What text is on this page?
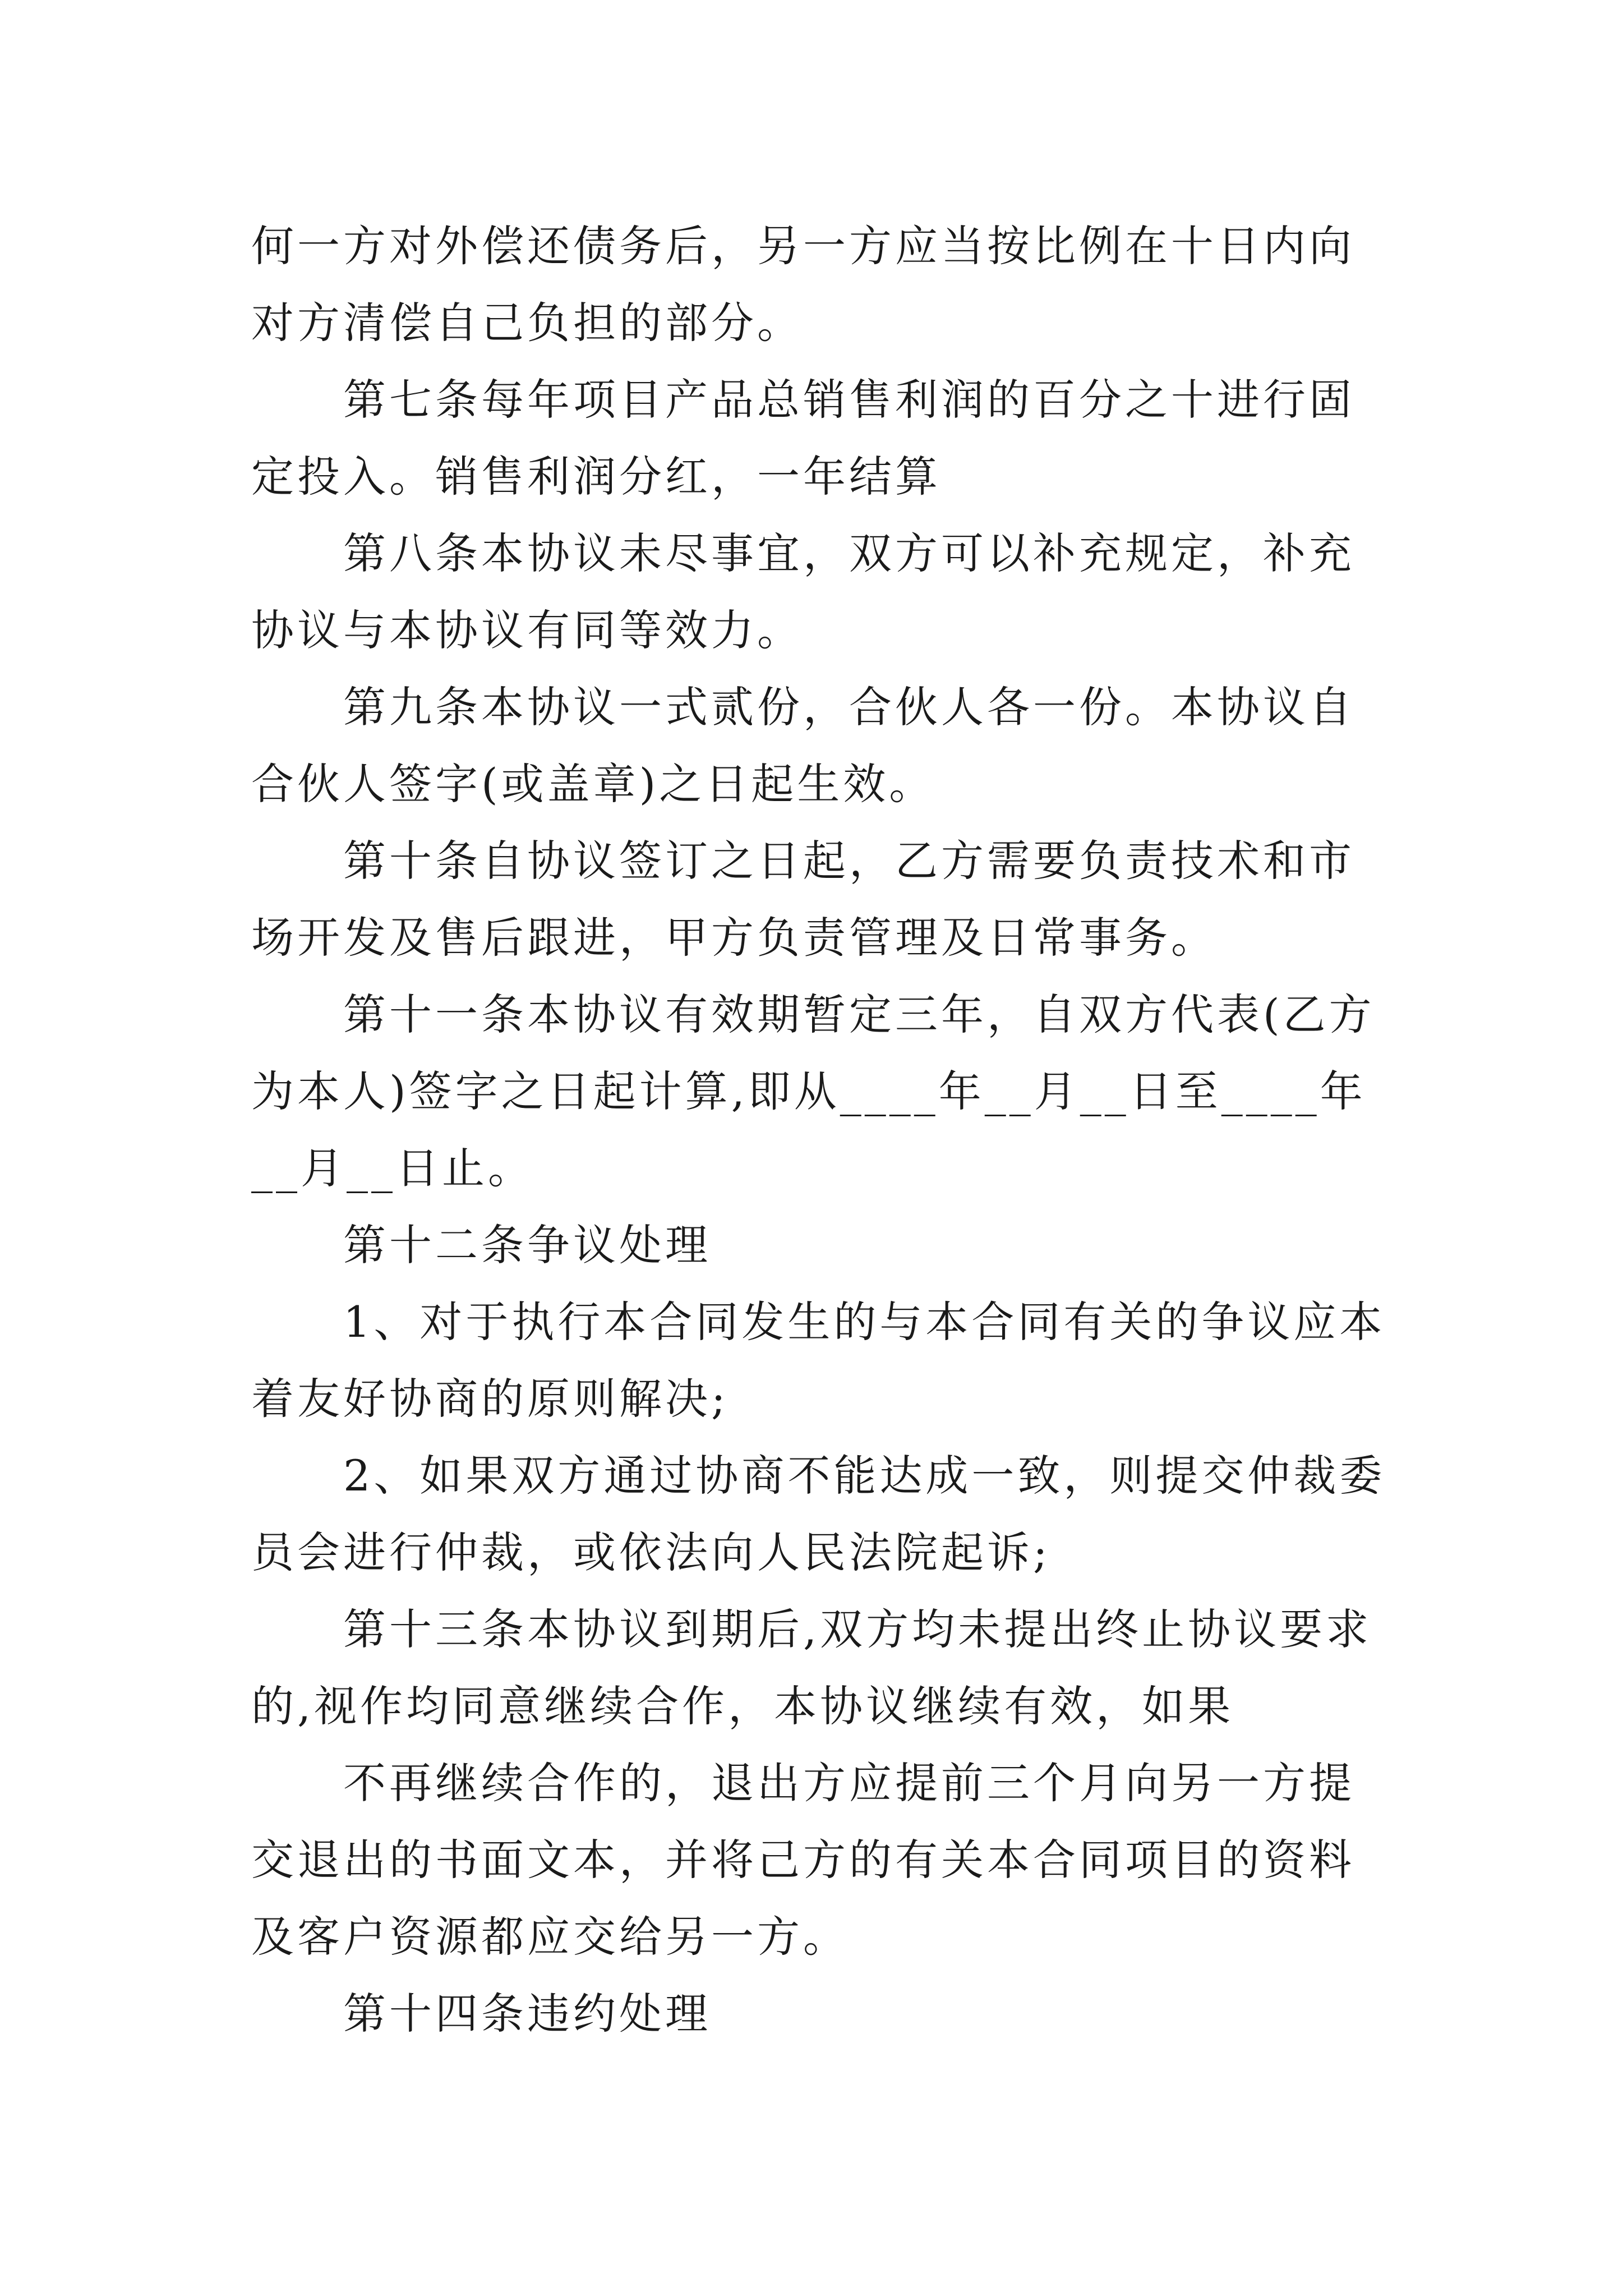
何一方对外偿还债务后，另一方应当按比例在十日内向对方清偿自己负担的部分。

第七条每年项目产品总销售利润的百分之十进行固定投入。销售利润分红，一年结算

第八条本协议未尽事宜，双方可以补充规定，补充协议与本协议有同等效力。

第九条本协议一式贰份，合伙人各一份。本协议自合伙人签字(或盖章)之日起生效。

第十条自协议签订之日起，乙方需要负责技术和市场开发及售后跟进，甲方负责管理及日常事务。

第十一条本协议有效期暂定三年，自双方代表(乙方为本人)签字之日起计算,即从____年__月__日至____年__月__日止。

第十二条争议处理

1、对于执行本合同发生的与本合同有关的争议应本着友好协商的原则解决;

2、如果双方通过协商不能达成一致，则提交仲裁委员会进行仲裁，或依法向人民法院起诉;

第十三条本协议到期后,双方均未提出终止协议要求的,视作均同意继续合作，本协议继续有效，如果

不再继续合作的，退出方应提前三个月向另一方提交退出的书面文本，并将己方的有关本合同项目的资料及客户资源都应交给另一方。

第十四条违约处理
